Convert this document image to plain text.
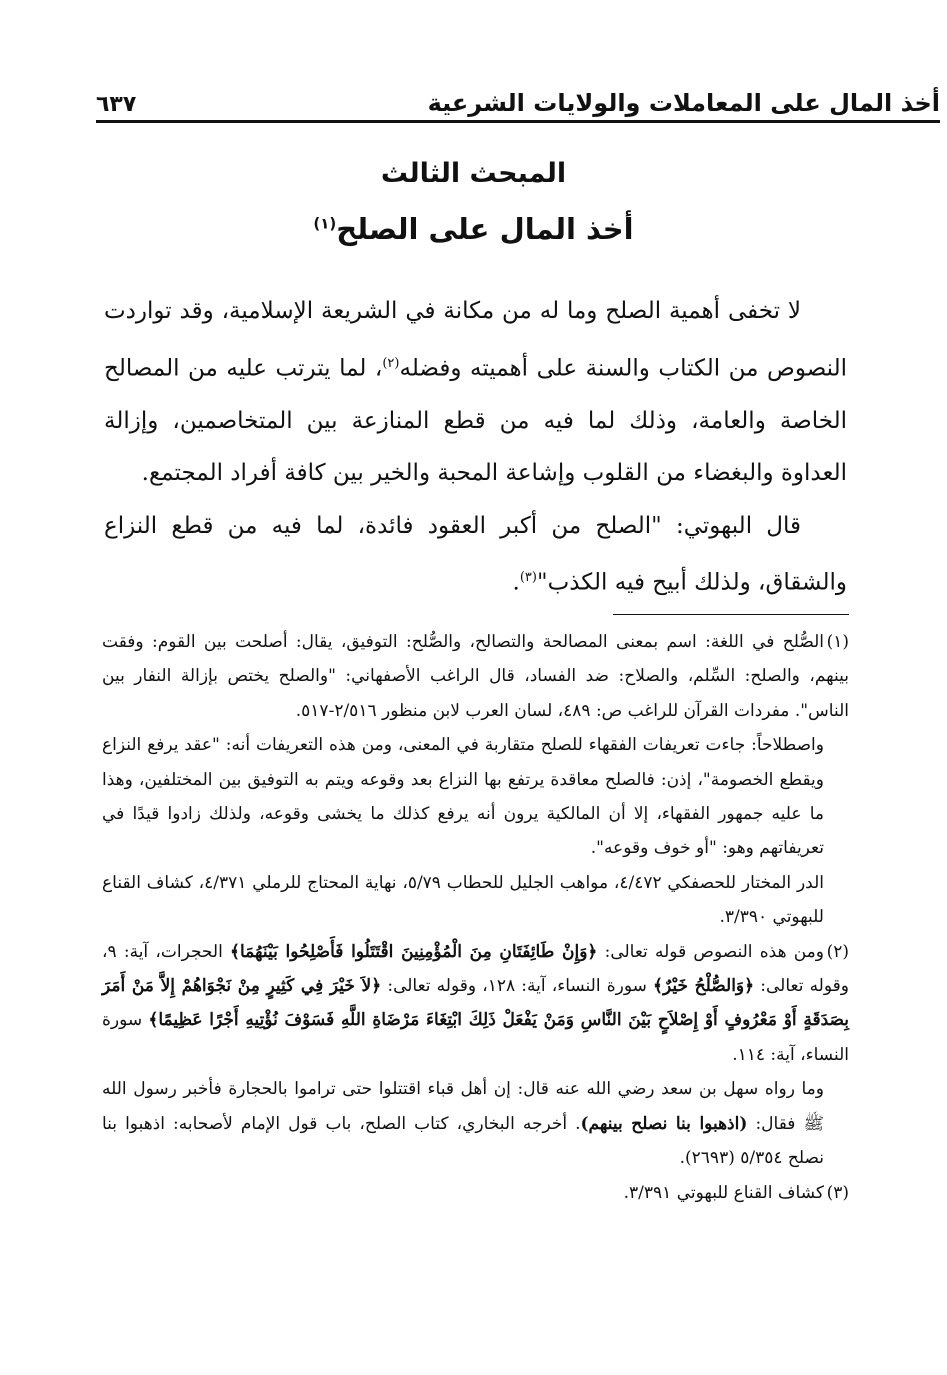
أخذ المال على المعاملات والولايات الشرعية
٦٣٧
المبحث الثالث
أخذ المال على الصلح$^{(١)}$

لا تخفى أهمية الصلح وما له من مكانة في الشريعة الإسلامية، وقد تواردت النصوص من الكتاب والسنة على أهميته وفضله$^{(٢)}$، لما يترتب عليه من المصالح الخاصة والعامة، وذلك لما فيه من قطع المنازعة بين المتخاصمين، وإزالة العداوة والبغضاء من القلوب وإشاعة المحبة والخير بين كافة أفراد المجتمع.

قال البهوتي: "الصلح من أكبر العقود فائدة، لما فيه من قطع النزاع والشقاق، ولذلك أبيح فيه الكذب"$^{(٣)}$.

(١)الصُّلح في اللغة: اسم بمعنى المصالحة والتصالح، والصُّلح: التوفيق، يقال: أصلحت بين القوم: وفقت بينهم، والصلح: السِّلم، والصلاح: ضد الفساد، قال الراغب الأصفهاني: "والصلح يختص بإزالة النفار بين الناس". مفردات القرآن للراغب ص: ٤٨٩، لسان العرب لابن منظور ٢/٥١٦-٥١٧.

واصطلاحاً: جاءت تعريفات الفقهاء للصلح متقاربة في المعنى، ومن هذه التعريفات أنه: "عقد يرفع النزاع ويقطع الخصومة"، إذن: فالصلح معاقدة يرتفع بها النزاع بعد وقوعه ويتم به التوفيق بين المختلفين، وهذا ما عليه جمهور الفقهاء، إلا أن المالكية يرون أنه يرفع كذلك ما يخشى وقوعه، ولذلك زادوا قيدًا في تعريفاتهم وهو: "أو خوف وقوعه".

الدر المختار للحصفكي ٤/٤٧٢، مواهب الجليل للحطاب ٥/٧٩، نهاية المحتاج للرملي ٤/٣٧١، كشاف القناع للبهوتي ٣/٣٩٠.

(٢)ومن هذه النصوص قوله تعالى: ﴿وَإِنْ طَائِفَتَانِ مِنَ الْمُؤْمِنِينَ اقْتَتَلُوا فَأَصْلِحُوا بَيْنَهُمَا﴾ الحجرات، آية: ٩، وقوله تعالى: ﴿وَالصُّلْحُ خَيْرٌ﴾ سورة النساء، آية: ١٢٨، وقوله تعالى: ﴿لاَ خَيْرَ فِي كَثِيرٍ مِنْ نَجْوَاهُمْ إِلاَّ مَنْ أَمَرَ بِصَدَقَةٍ أَوْ مَعْرُوفٍ أَوْ إِصْلاَحٍ بَيْنَ النَّاسِ وَمَنْ يَفْعَلْ ذَلِكَ ابْتِغَاءَ مَرْضَاةِ اللَّهِ فَسَوْفَ نُؤْتِيهِ أَجْرًا عَظِيمًا﴾ سورة النساء، آية: ١١٤.

وما رواه سهل بن سعد رضي الله عنه قال: إن أهل قباء اقتتلوا حتى تراموا بالحجارة فأخبر رسول الله ﷺ فقال: (اذهبوا بنا نصلح بينهم). أخرجه البخاري، كتاب الصلح، باب قول الإمام لأصحابه: اذهبوا بنا نصلح ٥/٣٥٤ (٢٦٩٣).

(٣)كشاف القناع للبهوتي ٣/٣٩١.
